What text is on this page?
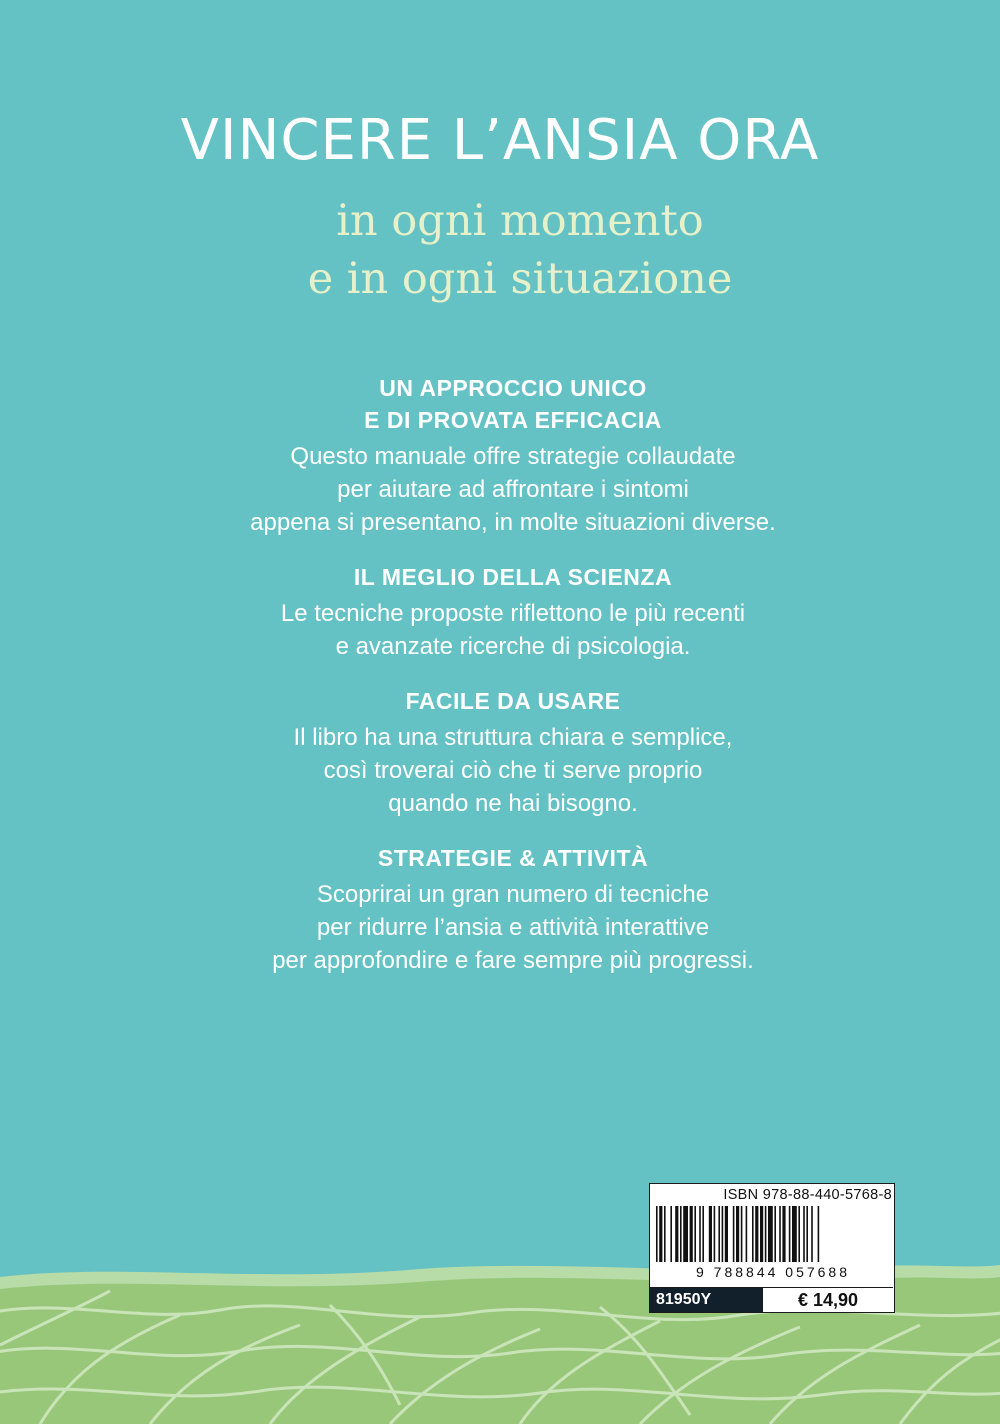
VINCERE L’ANSIA ORA
in ogni momento
e in ogni situazione
UN APPROCCIO UNICO
E DI PROVATA EFFICACIA

Questo manuale offre strategie collaudate
per aiutare ad affrontare i sintomi
appena si presentano, in molte situazioni diverse.

IL MEGLIO DELLA SCIENZA

Le tecniche proposte riflettono le più recenti
e avanzate ricerche di psicologia.

FACILE DA USARE

Il libro ha una struttura chiara e semplice,
così troverai ciò che ti serve proprio
quando ne hai bisogno.

STRATEGIE & ATTIVITÀ

Scoprirai un gran numero di tecniche
per ridurre l’ansia e attività interattive
per approfondire e fare sempre più progressi.

ISBN 978-88-440-5768-8
9 788844 057688
81950Y	€ 14,90
